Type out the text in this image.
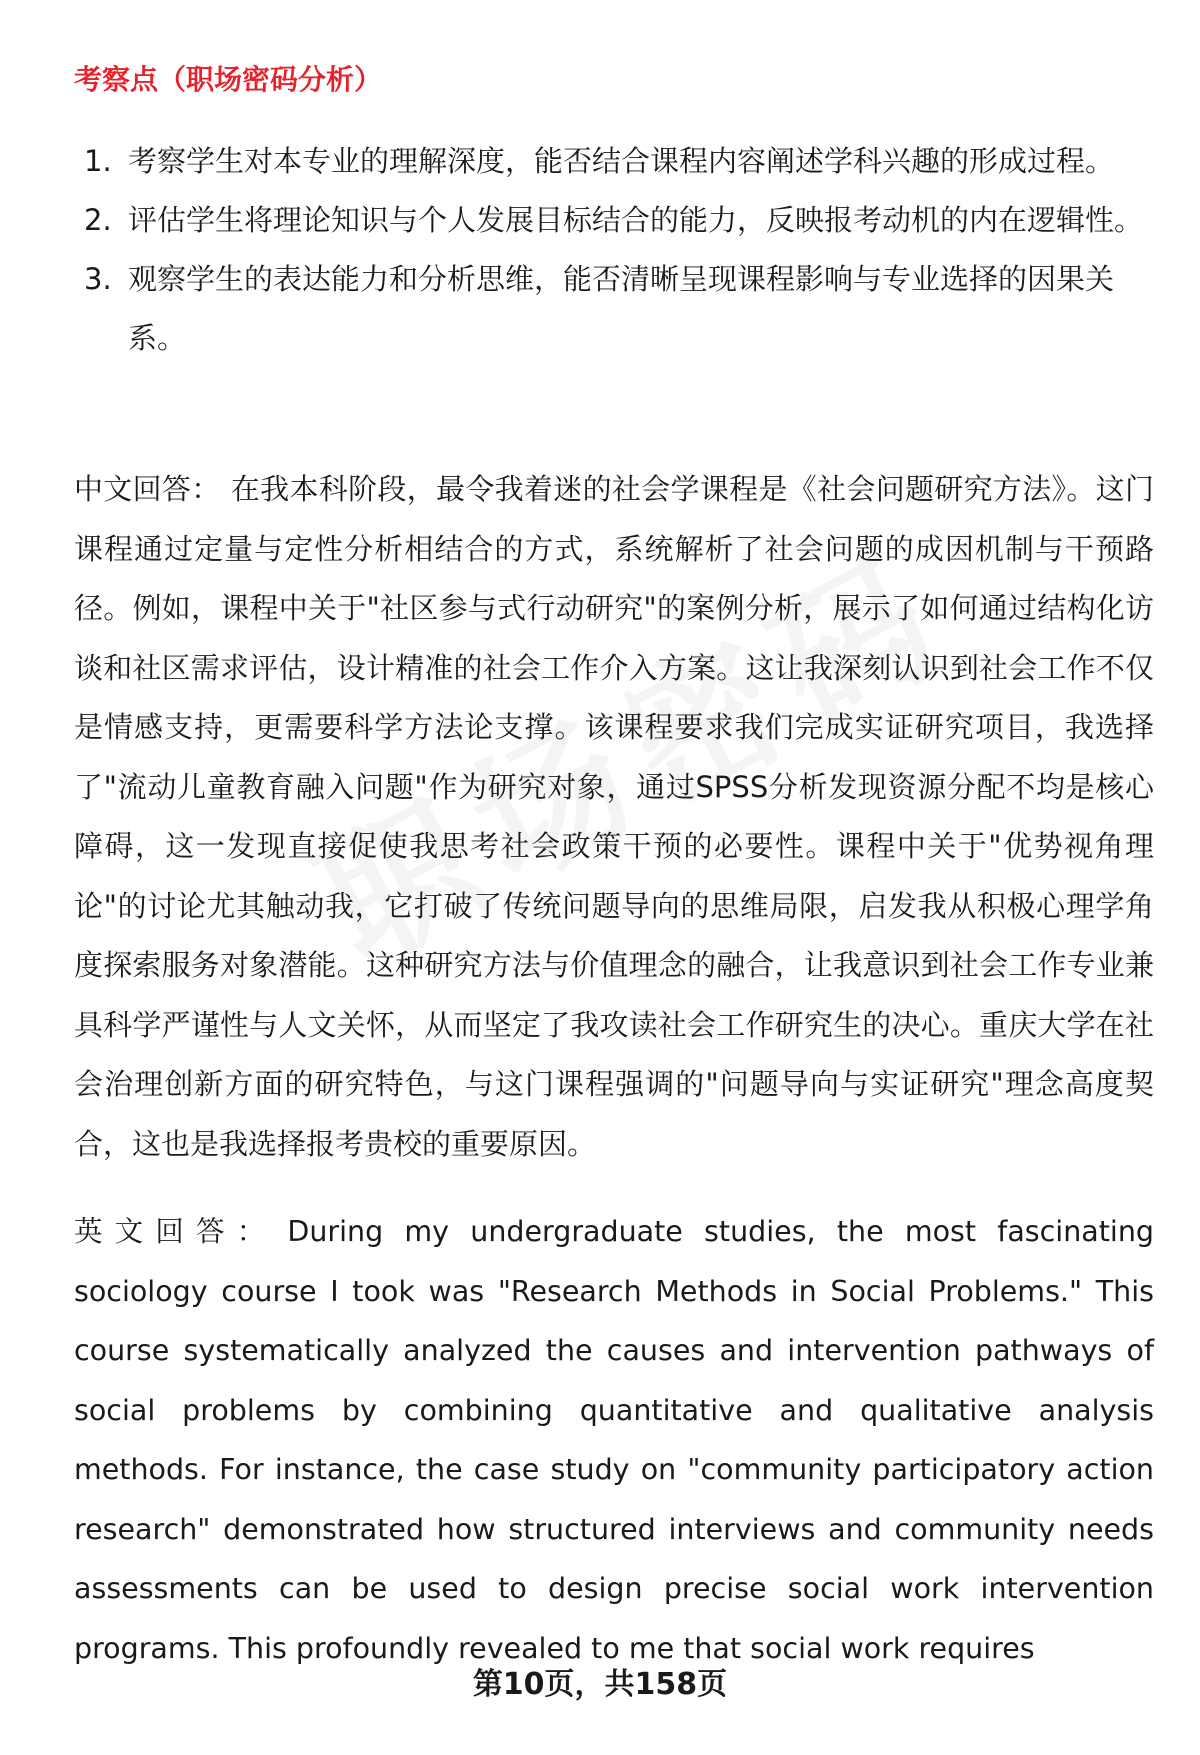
考察点（职场密码分析）
1. 考察学生对本专业的理解深度，能否结合课程内容阐述学科兴趣的形成过程。
2. 评估学生将理论知识与个人发展目标结合的能力，反映报考动机的内在逻辑性。
3. 观察学生的表达能力和分析思维，能否清晰呈现课程影响与专业选择的因果关系。

中文回答： 在我本科阶段，最令我着迷的社会学课程是《社会问题研究方法》。这门课程通过定量与定性分析相结合的方式，系统解析了社会问题的成因机制与干预路径。例如，课程中关于"社区参与式行动研究"的案例分析，展示了如何通过结构化访谈和社区需求评估，设计精准的社会工作介入方案。这让我深刻认识到社会工作不仅是情感支持，更需要科学方法论支撑。该课程要求我们完成实证研究项目，我选择了"流动儿童教育融入问题"作为研究对象，通过SPSS分析发现资源分配不均是核心障碍，这一发现直接促使我思考社会政策干预的必要性。课程中关于"优势视角理论"的讨论尤其触动我，它打破了传统问题导向的思维局限，启发我从积极心理学角度探索服务对象潜能。这种研究方法与价值理念的融合，让我意识到社会工作专业兼具科学严谨性与人文关怀，从而坚定了我攻读社会工作研究生的决心。重庆大学在社会治理创新方面的研究特色，与这门课程强调的"问题导向与实证研究"理念高度契合，这也是我选择报考贵校的重要原因。

英文回答： During my undergraduate studies, the most fascinating sociology course I took was "Research Methods in Social Problems." This course systematically analyzed the causes and intervention pathways of social problems by combining quantitative and qualitative analysis methods. For instance, the case study on "community participatory action research" demonstrated how structured interviews and community needs assessments can be used to design precise social work intervention programs. This profoundly revealed to me that social work requires

第10页，共158页
